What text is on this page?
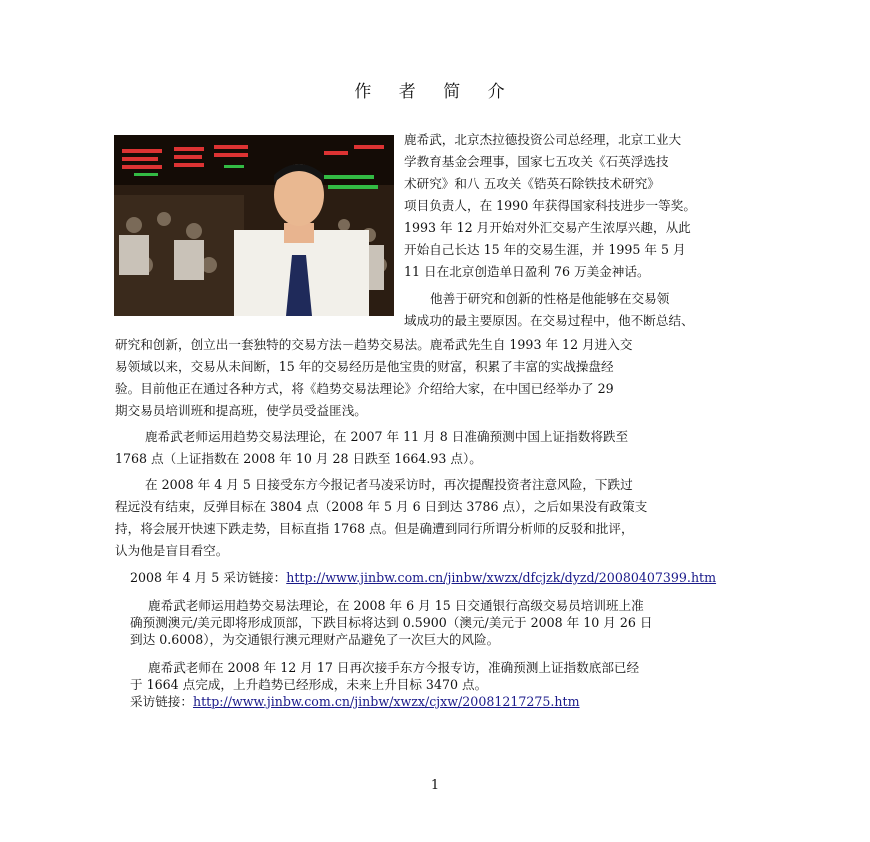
作 者 简 介
鹿希武，北京杰拉德投资公司总经理，北京工业大
学教育基金会理事，国家七五攻关《石英浮选技
术研究》和八 五攻关《锆英石除铁技术研究》
项目负责人，在 1990 年获得国家科技进步一等奖。
1993 年 12 月开始对外汇交易产生浓厚兴趣，从此
开始自己长达 15 年的交易生涯，并 1995 年 5 月
11 日在北京创造单日盈利 76 万美金神话。
他善于研究和创新的性格是他能够在交易领
域成功的最主要原因。在交易过程中，他不断总结、
研究和创新，创立出一套独特的交易方法－趋势交易法。鹿希武先生自 1993 年 12 月进入交
易领域以来，交易从未间断，15 年的交易经历是他宝贵的财富，积累了丰富的实战操盘经
验。目前他正在通过各种方式，将《趋势交易法理论》介绍给大家，在中国已经举办了 29
期交易员培训班和提高班，使学员受益匪浅。
鹿希武老师运用趋势交易法理论，在 2007 年 11 月 8 日准确预测中国上证指数将跌至
1768 点（上证指数在 2008 年 10 月 28 日跌至 1664.93 点）。
在 2008 年 4 月 5 日接受东方今报记者马凌采访时，再次提醒投资者注意风险，下跌过
程远没有结束，反弹目标在 3804 点（2008 年 5 月 6 日到达 3786 点），之后如果没有政策支
持，将会展开快速下跌走势，目标直指 1768 点。但是确遭到同行所谓分析师的反驳和批评，
认为他是盲目看空。
2008 年 4 月 5 采访链接：http://www.jinbw.com.cn/jinbw/xwzx/dfcjzk/dyzd/20080407399.htm
鹿希武老师运用趋势交易法理论，在 2008 年 6 月 15 日交通银行高级交易员培训班上准
确预测澳元/美元即将形成顶部，下跌目标将达到 0.5900（澳元/美元于 2008 年 10 月 26 日
到达 0.6008），为交通银行澳元理财产品避免了一次巨大的风险。
鹿希武老师在 2008 年 12 月 17 日再次接手东方今报专访，准确预测上证指数底部已经
于 1664 点完成，上升趋势已经形成，未来上升目标 3470 点。
采访链接：http://www.jinbw.com.cn/jinbw/xwzx/cjxw/20081217275.htm
1
